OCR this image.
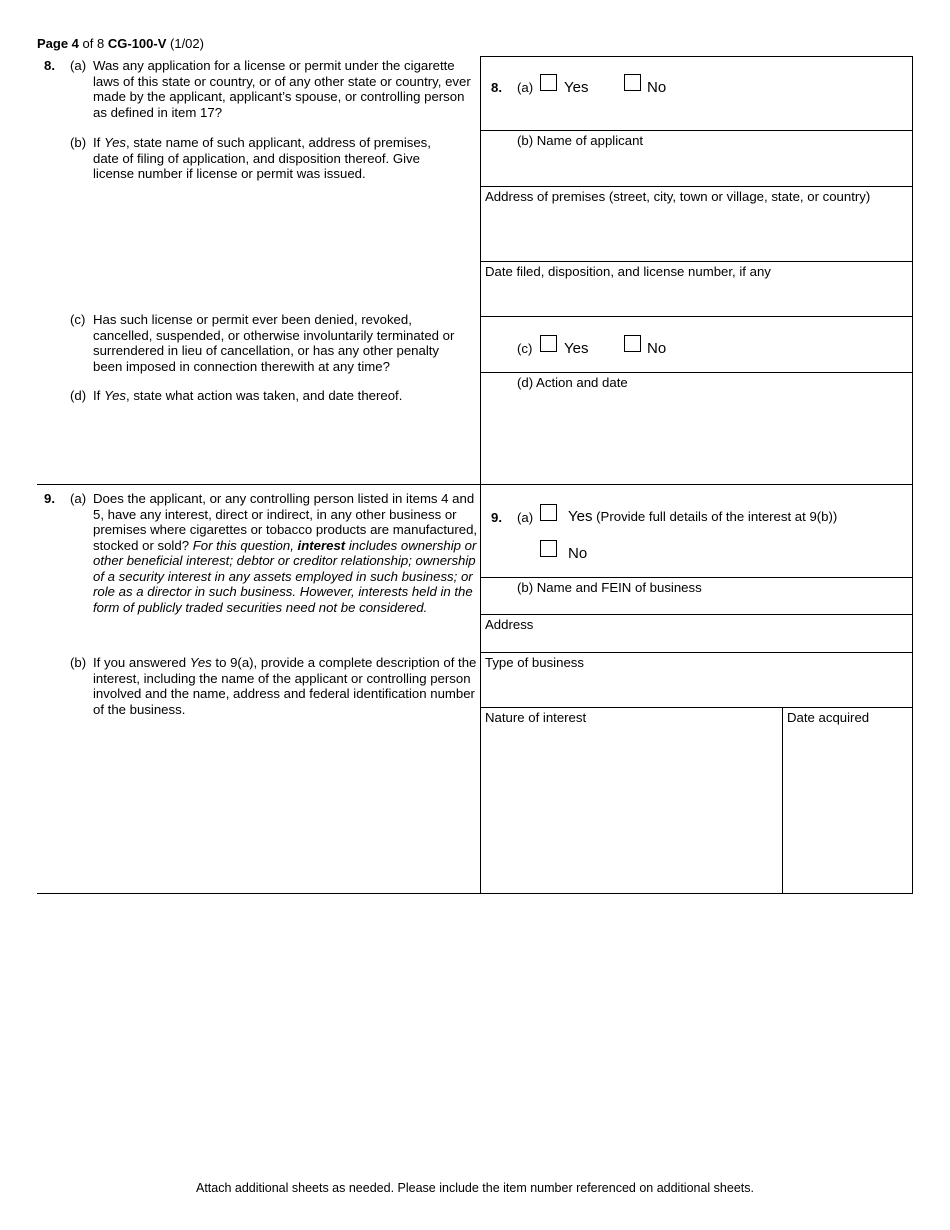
Page 4 of 8 CG-100-V (1/02)
8. (a) Was any application for a license or permit under the cigarette laws of this state or country, or of any other state or country, ever made by the applicant, applicant’s spouse, or controlling person as defined in item 17?
(b) If Yes, state name of such applicant, address of premises, date of filing of application, and disposition thereof. Give license number if license or permit was issued.
(c) Has such license or permit ever been denied, revoked, cancelled, suspended, or otherwise involuntarily terminated or surrendered in lieu of cancellation, or has any other penalty been imposed in connection therewith at any time?
(d) If Yes, state what action was taken, and date thereof.
8. (a) Yes	No
(b) Name of applicant
Address of premises (street, city, town or village, state, or country)
Date filed, disposition, and license number, if any
(c) Yes	No
(d) Action and date
9. (a) Does the applicant, or any controlling person listed in items 4 and 5, have any interest, direct or indirect, in any other business or premises where cigarettes or tobacco products are manufactured, stocked or sold? For this question, interest includes ownership or other beneficial interest; debtor or creditor relationship; ownership of a security interest in any assets employed in such business; or role as a director in such business. However, interests held in the form of publicly traded securities need not be considered.
(b) If you answered Yes to 9(a), provide a complete description of the interest, including the name of the applicant or controlling person involved and the name, address and federal identification number of the business.
9. (a) Yes (Provide full details of the interest at 9(b))
No
(b) Name and FEIN of business
Address
Type of business
Nature of interest	Date acquired
Attach additional sheets as needed. Please include the item number referenced on additional sheets.
